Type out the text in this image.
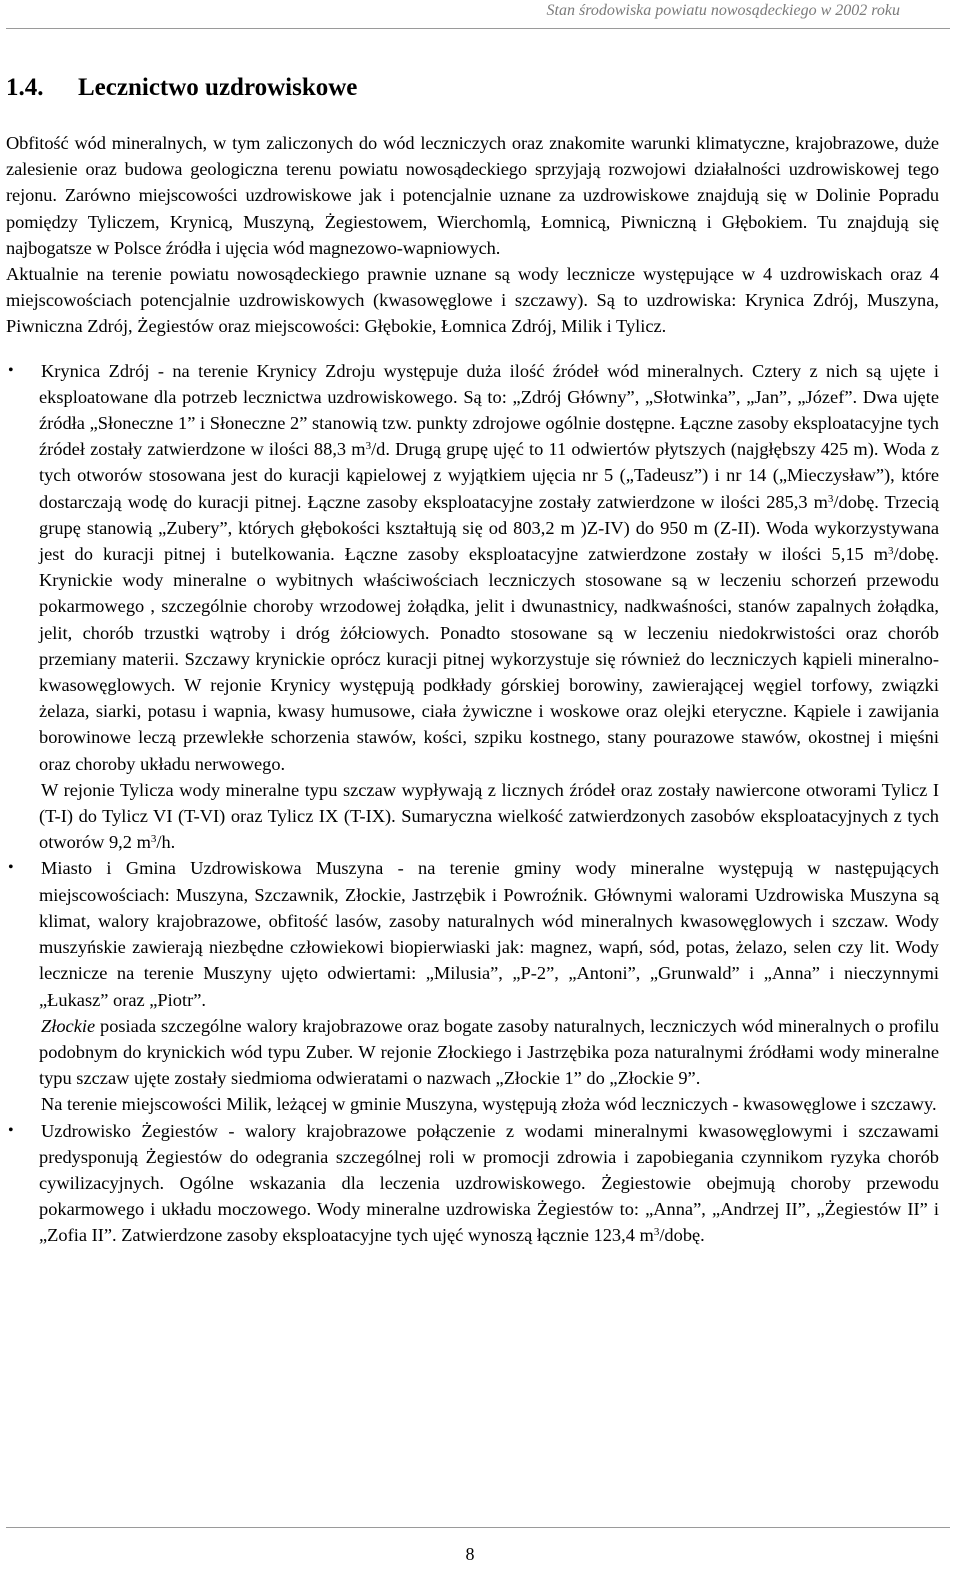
Stan środowiska powiatu nowosądeckiego w 2002 roku
1.4. Lecznictwo uzdrowiskowe

Obfitość wód mineralnych, w tym zaliczonych do wód leczniczych oraz znakomite warunki klimatyczne, krajobrazowe, duże zalesienie oraz budowa geologiczna terenu powiatu nowosądeckiego sprzyjają rozwojowi działalności uzdrowiskowej tego rejonu. Zarówno miejscowości uzdrowiskowe jak i potencjalnie uznane za uzdrowiskowe znajdują się w Dolinie Popradu pomiędzy Tyliczem, Krynicą, Muszyną, Żegiestowem, Wierchomlą, Łomnicą, Piwniczną i Głębokiem. Tu znajdują się najbogatsze w Polsce źródła i ujęcia wód magnezowo-wapniowych.

Aktualnie na terenie powiatu nowosądeckiego prawnie uznane są wody lecznicze występujące w 4 uzdrowiskach oraz 4 miejscowościach potencjalnie uzdrowiskowych (kwasowęglowe i szczawy). Są to uzdrowiska: Krynica Zdrój, Muszyna, Piwniczna Zdrój, Żegiestów oraz miejscowości: Głębokie, Łomnica Zdrój, Milik i Tylicz.

• Krynica Zdrój - na terenie Krynicy Zdroju występuje duża ilość źródeł wód mineralnych. Cztery z nich są ujęte i eksploatowane dla potrzeb lecznictwa uzdrowiskowego. Są to: „Zdrój Główny”, „Słotwinka”, „Jan”, „Józef”. Dwa ujęte źródła „Słoneczne 1” i Słoneczne 2” stanowią tzw. punkty zdrojowe ogólnie dostępne. Łączne zasoby eksploatacyjne tych źródeł zostały zatwierdzone w ilości 88,3 $m^3/d$. Drugą grupę ujęć to 11 odwiertów płytszych (najgłębszy 425 m). Woda z tych otworów stosowana jest do kuracji kąpielowej z wyjątkiem ujęcia nr 5 („Tadeusz”) i nr 14 („Mieczysław”), które dostarczają wodę do kuracji pitnej. Łączne zasoby eksploatacyjne zostały zatwierdzone w ilości 285,3 $m^3$/dobę. Trzecią grupę stanowią „Zubery”, których głębokości kształtują się od 803,2 m )Z-IV) do 950 m (Z-II). Woda wykorzystywana jest do kuracji pitnej i butelkowania. Łączne zasoby eksploatacyjne zatwierdzone zostały w ilości 5,15 $m^3$/dobę. Krynickie wody mineralne o wybitnych właściwościach leczniczych stosowane są w leczeniu schorzeń przewodu pokarmowego , szczególnie choroby wrzodowej żołądka, jelit i dwunastnicy, nadkwaśności, stanów zapalnych żołądka, jelit, chorób trzustki wątroby i dróg żółciowych. Ponadto stosowane są w leczeniu niedokrwistości oraz chorób przemiany materii. Szczawy krynickie oprócz kuracji pitnej wykorzystuje się również do leczniczych kąpieli mineralno-kwasowęglowych. W rejonie Krynicy występują podkłady górskiej borowiny, zawierającej węgiel torfowy, związki żelaza, siarki, potasu i wapnia, kwasy humusowe, ciała żywiczne i woskowe oraz olejki eteryczne. Kąpiele i zawijania borowinowe leczą przewlekłe schorzenia stawów, kości, szpiku kostnego, stany pourazowe stawów, okostnej i mięśni oraz choroby układu nerwowego.

W rejonie Tylicza wody mineralne typu szczaw wypływają z licznych źródeł oraz zostały nawiercone otworami Tylicz I (T-I) do Tylicz VI (T-VI) oraz Tylicz IX (T-IX). Sumaryczna wielkość zatwierdzonych zasobów eksploatacyjnych z tych otworów 9,2 $m^3/h$.

• Miasto i Gmina Uzdrowiskowa Muszyna - na terenie gminy wody mineralne występują w następujących miejscowościach: Muszyna, Szczawnik, Złockie, Jastrzębik i Powroźnik. Głównymi walorami Uzdrowiska Muszyna są klimat, walory krajobrazowe, obfitość lasów, zasoby naturalnych wód mineralnych kwasowęglowych i szczaw. Wody muszyńskie zawierają niezbędne człowiekowi biopierwiaski jak: magnez, wapń, sód, potas, żelazo, selen czy lit. Wody lecznicze na terenie Muszyny ujęto odwiertami: „Milusia”, „P-2”, „Antoni”, „Grunwald” i „Anna” i nieczynnymi „Łukasz” oraz „Piotr”.

Złockie posiada szczególne walory krajobrazowe oraz bogate zasoby naturalnych, leczniczych wód mineralnych o profilu podobnym do krynickich wód typu Zuber. W rejonie Złockiego i Jastrzębika poza naturalnymi źródłami wody mineralne typu szczaw ujęte zostały siedmioma odwieratami o nazwach „Złockie 1” do „Złockie 9”.

Na terenie miejscowości Milik, leżącej w gminie Muszyna, występują złoża wód leczniczych - kwasowęglowe i szczawy.

• Uzdrowisko Żegiestów - walory krajobrazowe połączenie z wodami mineralnymi kwasowęglowymi i szczawami predysponują Żegiestów do odegrania szczególnej roli w promocji zdrowia i zapobiegania czynnikom ryzyka chorób cywilizacyjnych. Ogólne wskazania dla leczenia uzdrowiskowego. Żegiestowie obejmują choroby przewodu pokarmowego i układu moczowego. Wody mineralne uzdrowiska Żegiestów to: „Anna”, „Andrzej II”, „Żegiestów II” i „Zofia II”. Zatwierdzone zasoby eksploatacyjne tych ujęć wynoszą łącznie 123,4 $m^3$/dobę.

8
